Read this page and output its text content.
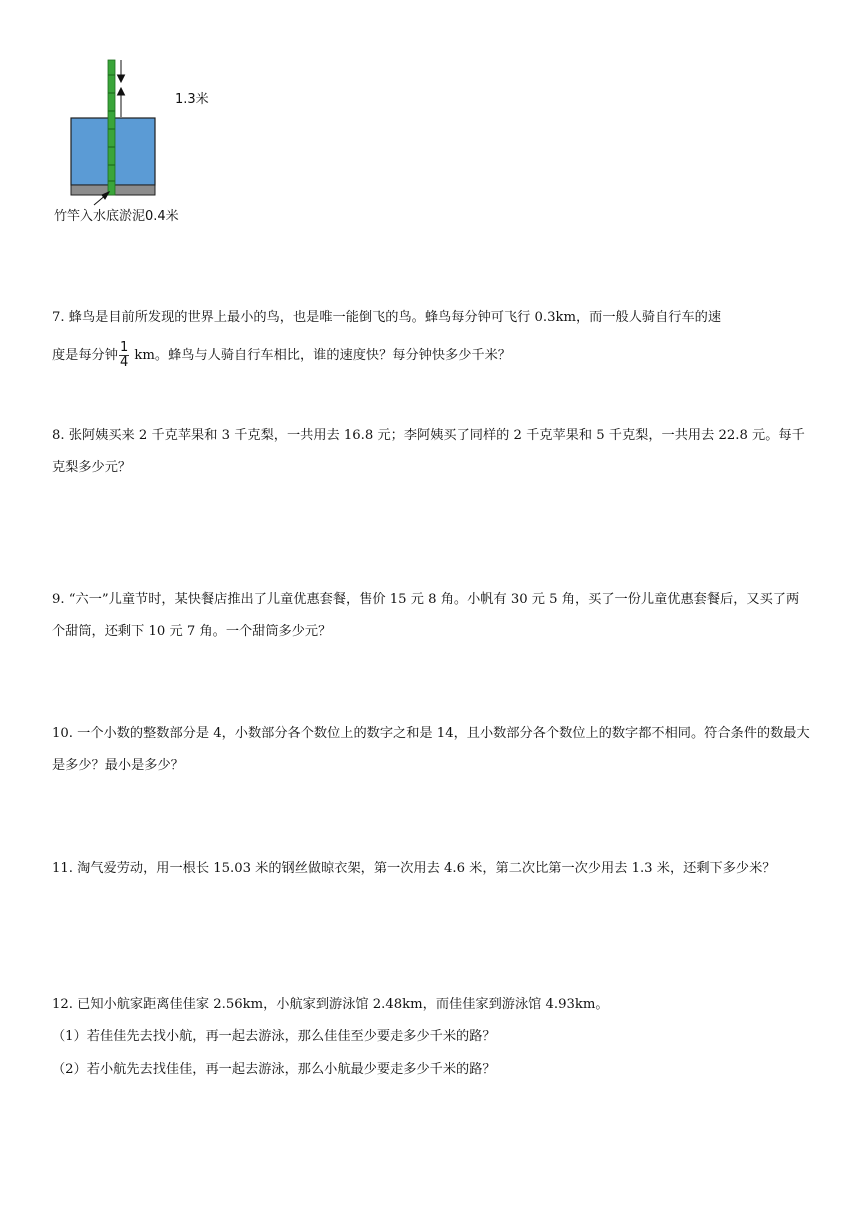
1.3米
竹竿入水底淤泥0.4米

7. 蜂鸟是目前所发现的世界上最小的鸟，也是唯一能倒飞的鸟。蜂鸟每分钟可飞行 0.3km，而一般人骑自行车的速

度是每分钟 $\frac{1}{4}$ km。蜂鸟与人骑自行车相比，谁的速度快？每分钟快多少千米？

8. 张阿姨买来 2 千克苹果和 3 千克梨，一共用去 16.8 元；李阿姨买了同样的 2 千克苹果和 5 千克梨，一共用去 22.8 元。每千克梨多少元？
9. “六一”儿童节时，某快餐店推出了儿童优惠套餐，售价 15 元 8 角。小帆有 30 元 5 角，买了一份儿童优惠套餐后，又买了两个甜筒，还剩下 10 元 7 角。一个甜筒多少元？
10. 一个小数的整数部分是 4，小数部分各个数位上的数字之和是 14，且小数部分各个数位上的数字都不相同。符合条件的数最大是多少？最小是多少？
11. 淘气爱劳动，用一根长 15.03 米的钢丝做晾衣架，第一次用去 4.6 米，第二次比第一次少用去 1.3 米，还剩下多少米？
12. 已知小航家距离佳佳家 2.56km，小航家到游泳馆 2.48km，而佳佳家到游泳馆 4.93km。
（1）若佳佳先去找小航，再一起去游泳，那么佳佳至少要走多少千米的路？
（2）若小航先去找佳佳，再一起去游泳，那么小航最少要走多少千米的路？
